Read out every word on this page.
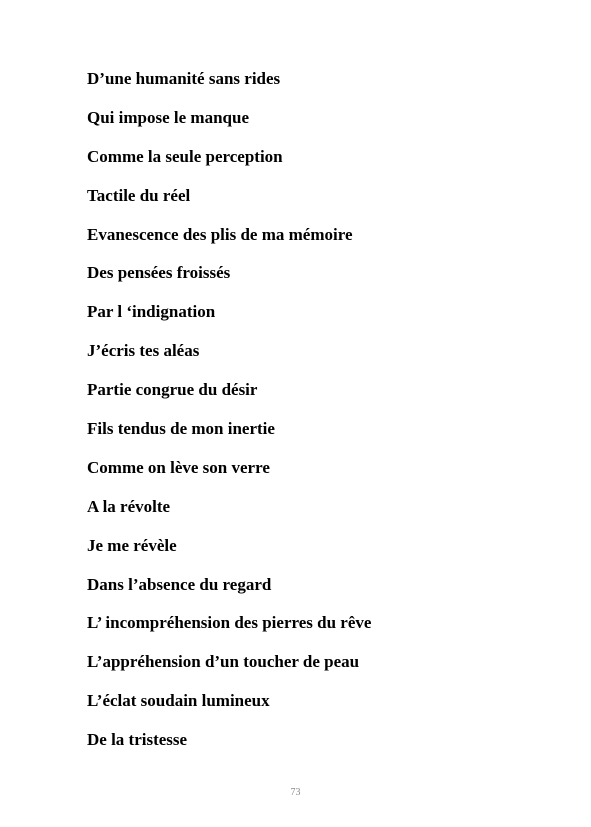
D’une humanité sans rides
Qui impose le manque
Comme la seule perception
Tactile du réel
Evanescence des plis de ma mémoire
Des pensées froissés
Par l ‘indignation
J’écris tes aléas
Partie congrue du désir
Fils tendus de mon inertie
Comme on lève son verre
A la révolte
Je me révèle
Dans l’absence du regard
L’ incompréhension des pierres du rêve
L’appréhension d’un toucher de peau
L’éclat soudain lumineux
De la tristesse
73
